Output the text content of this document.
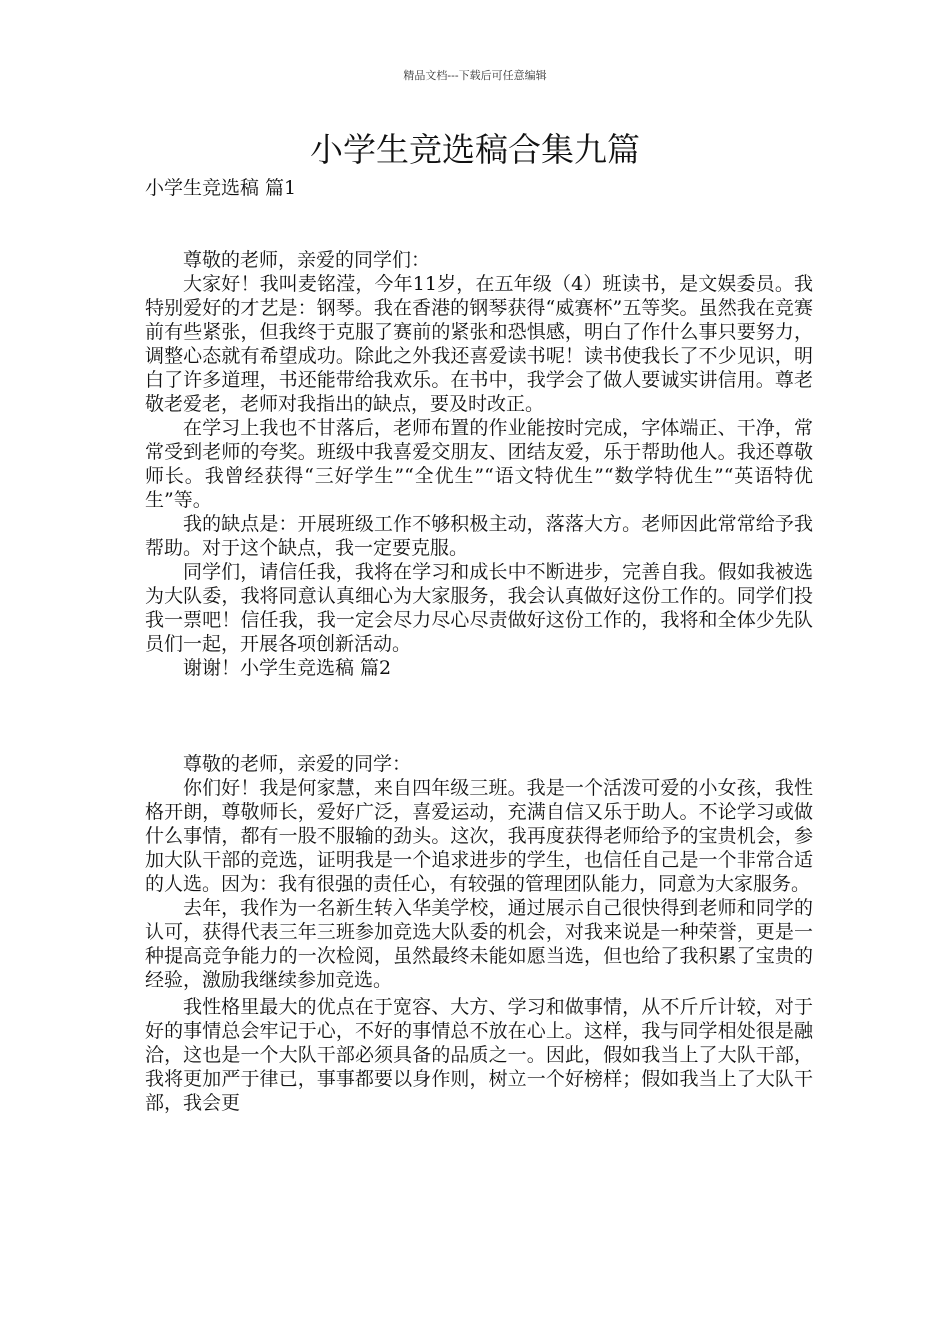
精品文档---下载后可任意编辑
小学生竞选稿合集九篇
小学生竞选稿 篇1

尊敬的老师，亲爱的同学们：

大家好！我叫麦铭滢，今年11岁，在五年级（4）班读书，是文娱委员。我特别爱好的才艺是：钢琴。我在香港的钢琴获得“威赛杯”五等奖。虽然我在竞赛前有些紧张，但我终于克服了赛前的紧张和恐惧感，明白了作什么事只要努力，调整心态就有希望成功。除此之外我还喜爱读书呢！读书使我长了不少见识，明白了许多道理，书还能带给我欢乐。在书中，我学会了做人要诚实讲信用。尊老敬老爱老，老师对我指出的缺点，要及时改正。

在学习上我也不甘落后，老师布置的作业能按时完成，字体端正、干净，常常受到老师的夸奖。班级中我喜爱交朋友、团结友爱，乐于帮助他人。我还尊敬师长。我曾经获得“三好学生”“全优生”“语文特优生”“数学特优生”“英语特优生”等。

我的缺点是：开展班级工作不够积极主动，落落大方。老师因此常常给予我帮助。对于这个缺点，我一定要克服。

同学们，请信任我，我将在学习和成长中不断进步，完善自我。假如我被选为大队委，我将同意认真细心为大家服务，我会认真做好这份工作的。同学们投我一票吧！信任我，我一定会尽力尽心尽责做好这份工作的，我将和全体少先队员们一起，开展各项创新活动。

谢谢！小学生竞选稿 篇2

尊敬的老师，亲爱的同学：

你们好！我是何家慧，来自四年级三班。我是一个活泼可爱的小女孩，我性格开朗，尊敬师长，爱好广泛，喜爱运动，充满自信又乐于助人。不论学习或做什么事情，都有一股不服输的劲头。这次，我再度获得老师给予的宝贵机会，参加大队干部的竞选，证明我是一个追求进步的学生，也信任自己是一个非常合适的人选。因为：我有很强的责任心，有较强的管理团队能力，同意为大家服务。

去年，我作为一名新生转入华美学校，通过展示自己很快得到老师和同学的认可，获得代表三年三班参加竞选大队委的机会，对我来说是一种荣誉，更是一种提高竞争能力的一次检阅，虽然最终未能如愿当选，但也给了我积累了宝贵的经验，激励我继续参加竞选。

我性格里最大的优点在于宽容、大方、学习和做事情，从不斤斤计较，对于好的事情总会牢记于心，不好的事情总不放在心上。这样，我与同学相处很是融洽，这也是一个大队干部必须具备的品质之一。因此，假如我当上了大队干部，我将更加严于律已，事事都要以身作则，树立一个好榜样；假如我当上了大队干部，我会更
